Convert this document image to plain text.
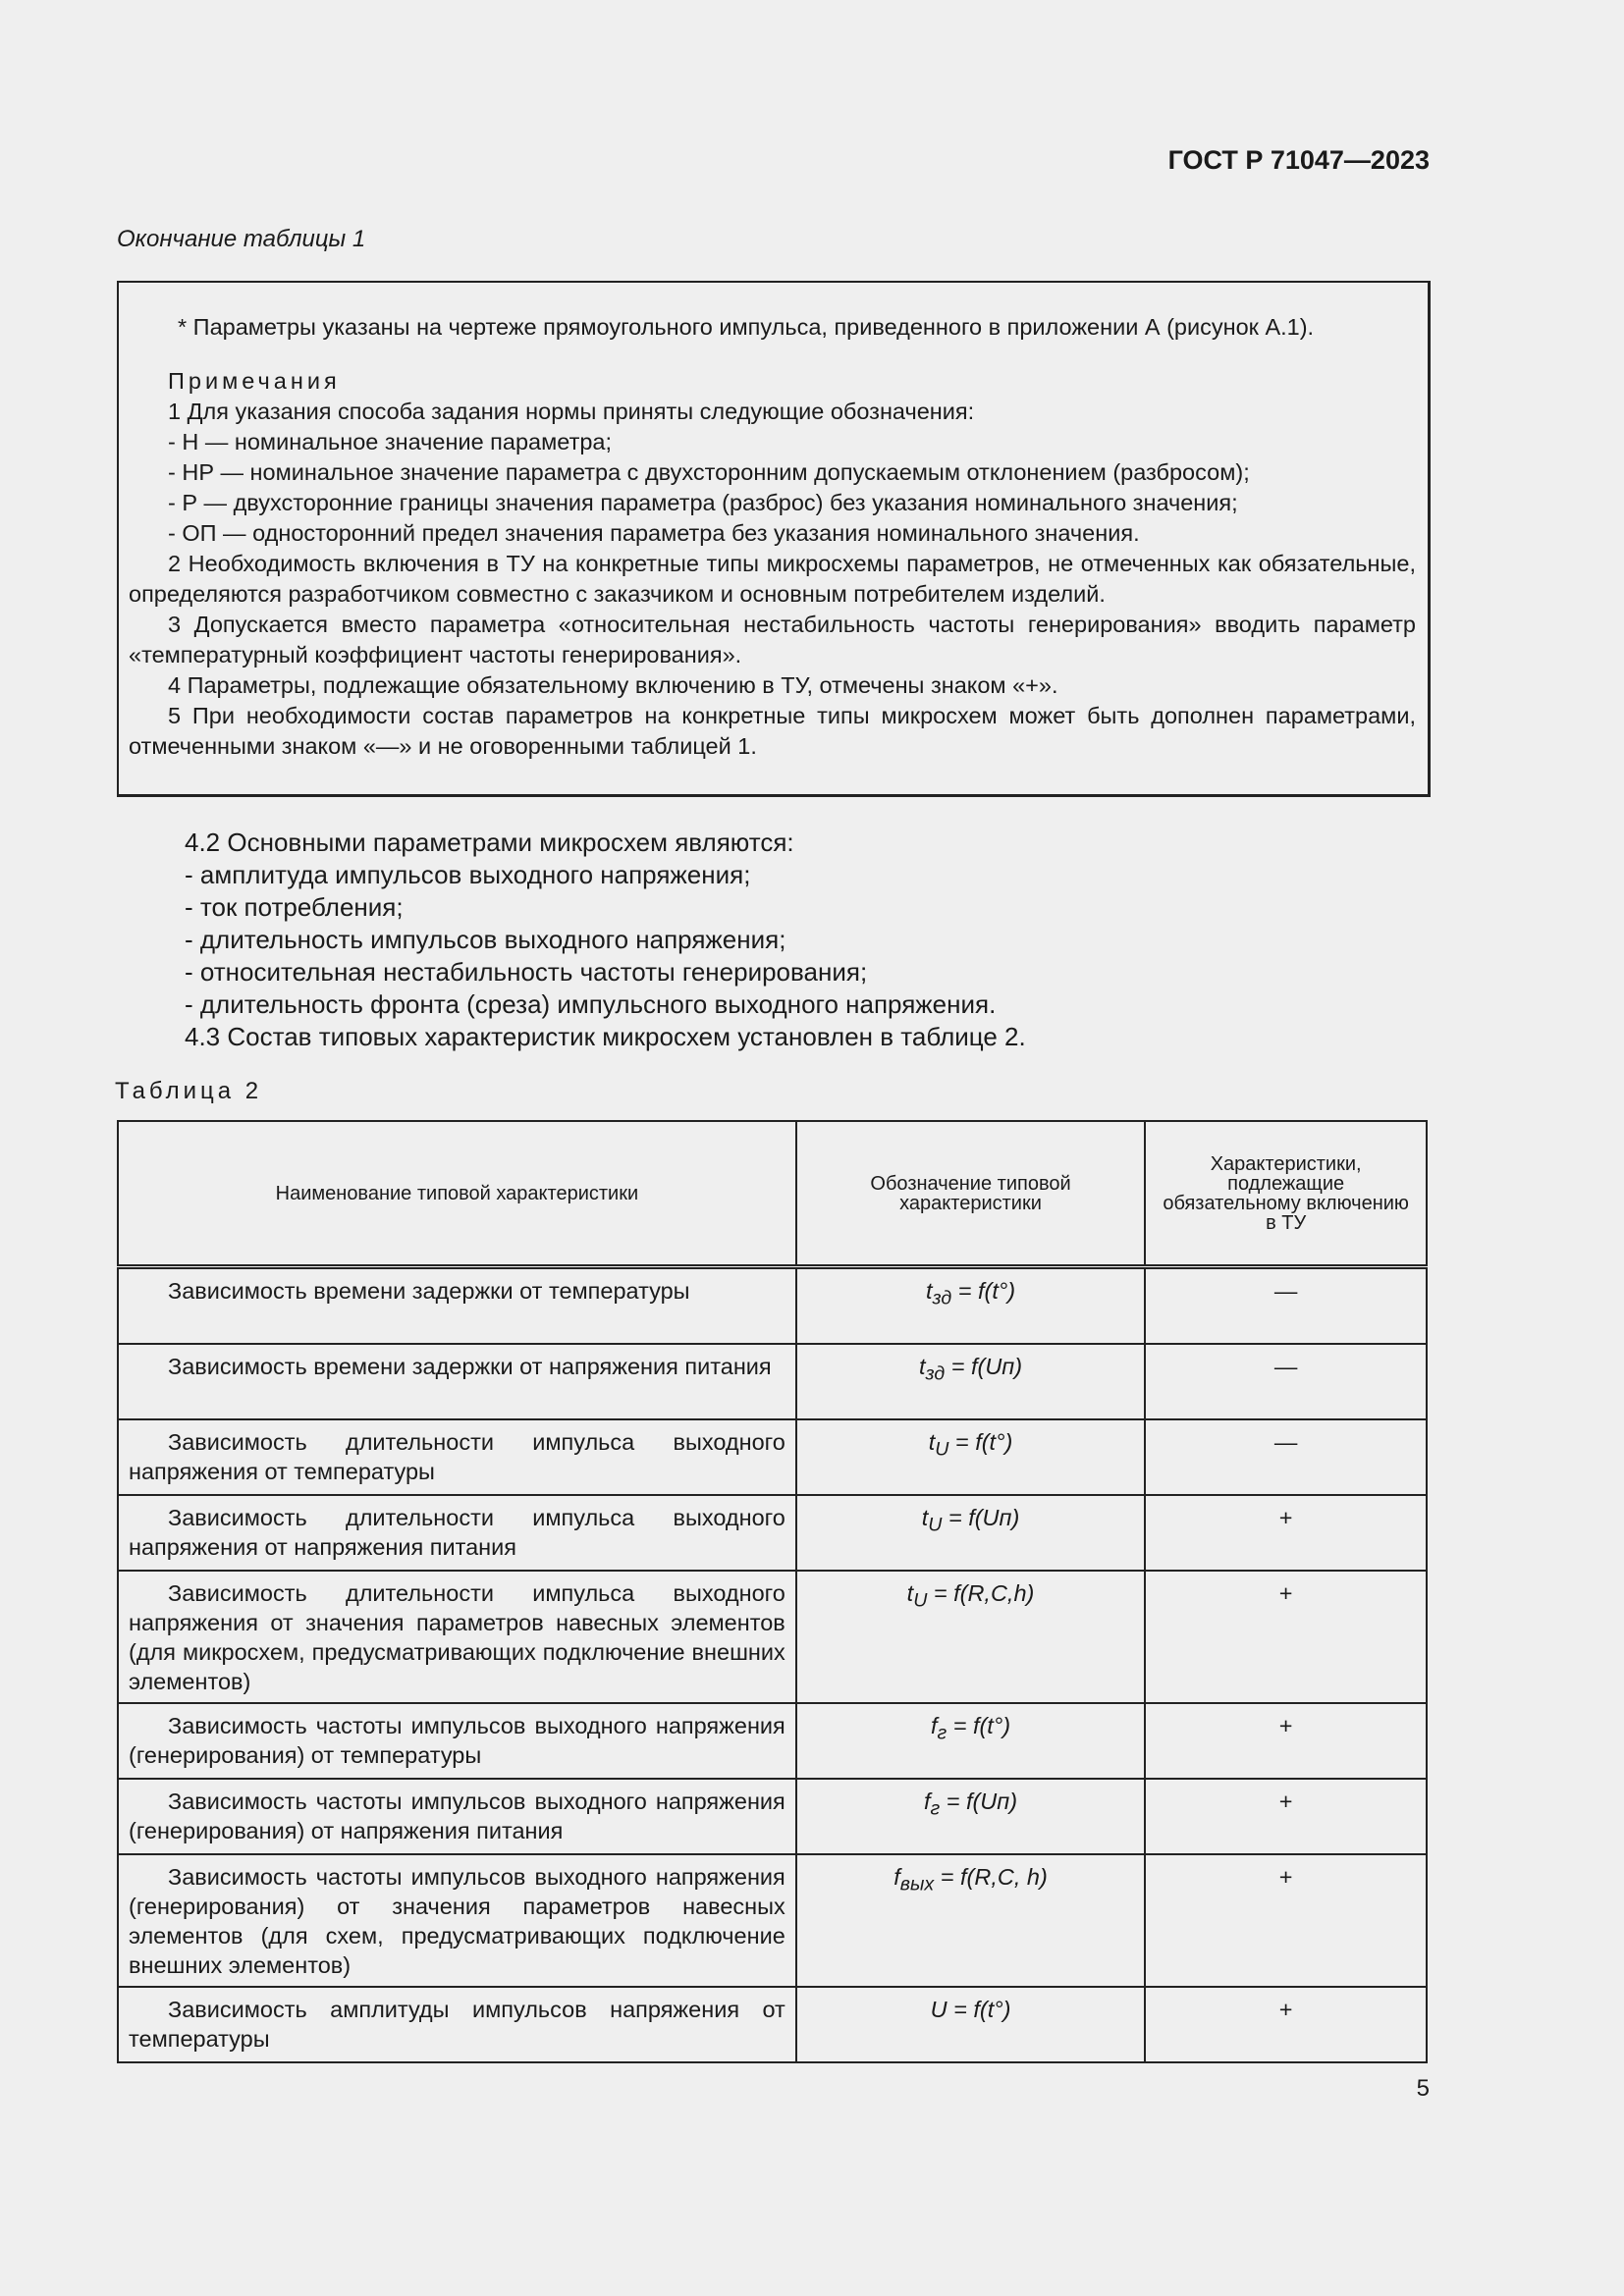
ГОСТ Р 71047—2023
Окончание таблицы 1

* Параметры указаны на чертеже прямоугольного импульса, приведенного в приложении А (рисунок А.1).

Примечания

1 Для указания способа задания нормы приняты следующие обозначения:

- Н — номинальное значение параметра;

- НР — номинальное значение параметра с двухсторонним допускаемым отклонением (разбросом);

- Р — двухсторонние границы значения параметра (разброс) без указания номинального значения;

- ОП — односторонний предел значения параметра без указания номинального значения.

2 Необходимость включения в ТУ на конкретные типы микросхемы параметров, не отмеченных как обязательные, определяются разработчиком совместно с заказчиком и основным потребителем изделий.

3 Допускается вместо параметра «относительная нестабильность частоты генерирования» вводить параметр «температурный коэффициент частоты генерирования».

4 Параметры, подлежащие обязательному включению в ТУ, отмечены знаком «+».

5 При необходимости состав параметров на конкретные типы микросхем может быть дополнен параметрами, отмеченными знаком «—» и не оговоренными таблицей 1.

4.2 Основными параметрами микросхем являются:

- амплитуда импульсов выходного напряжения;

- ток потребления;

- длительность импульсов выходного напряжения;

- относительная нестабильность частоты генерирования;

- длительность фронта (среза) импульсного выходного напряжения.

4.3 Состав типовых характеристик микросхем установлен в таблице 2.

Таблица 2
Наименование типовой характеристики	Обозначение типовой характеристики	Характеристики, подлежащие обязательному включению в ТУ
Зависимость времени задержки от температуры	$t_{зд} = f(t^\circ)$	—
Зависимость времени задержки от напряжения питания	$t_{зд} = f(Uп)$	—
Зависимость длительности импульса выходного напряжения от температуры	$t_U = f(t^\circ)$	—
Зависимость длительности импульса выходного напряжения от напряжения питания	$t_U = f(Uп)$	+
Зависимость длительности импульса выходного напряжения от значения параметров навесных элементов (для микросхем, предусматривающих подключение внешних элементов)	$t_U = f(R,C,h)$	+
Зависимость частоты импульсов выходного напряжения (генерирования) от температуры	$f_г = f(t^\circ)$	+
Зависимость частоты импульсов выходного напряжения (генерирования) от напряжения питания	$f_г = f(Uп)$	+
Зависимость частоты импульсов выходного напряжения (генерирования) от значения параметров навесных элементов (для схем, предусматривающих подключение внешних элементов)	$f_{вых} = f(R,C$, h)	+
Зависимость амплитуды импульсов напряжения от температуры	U = f(t°)	+
5
